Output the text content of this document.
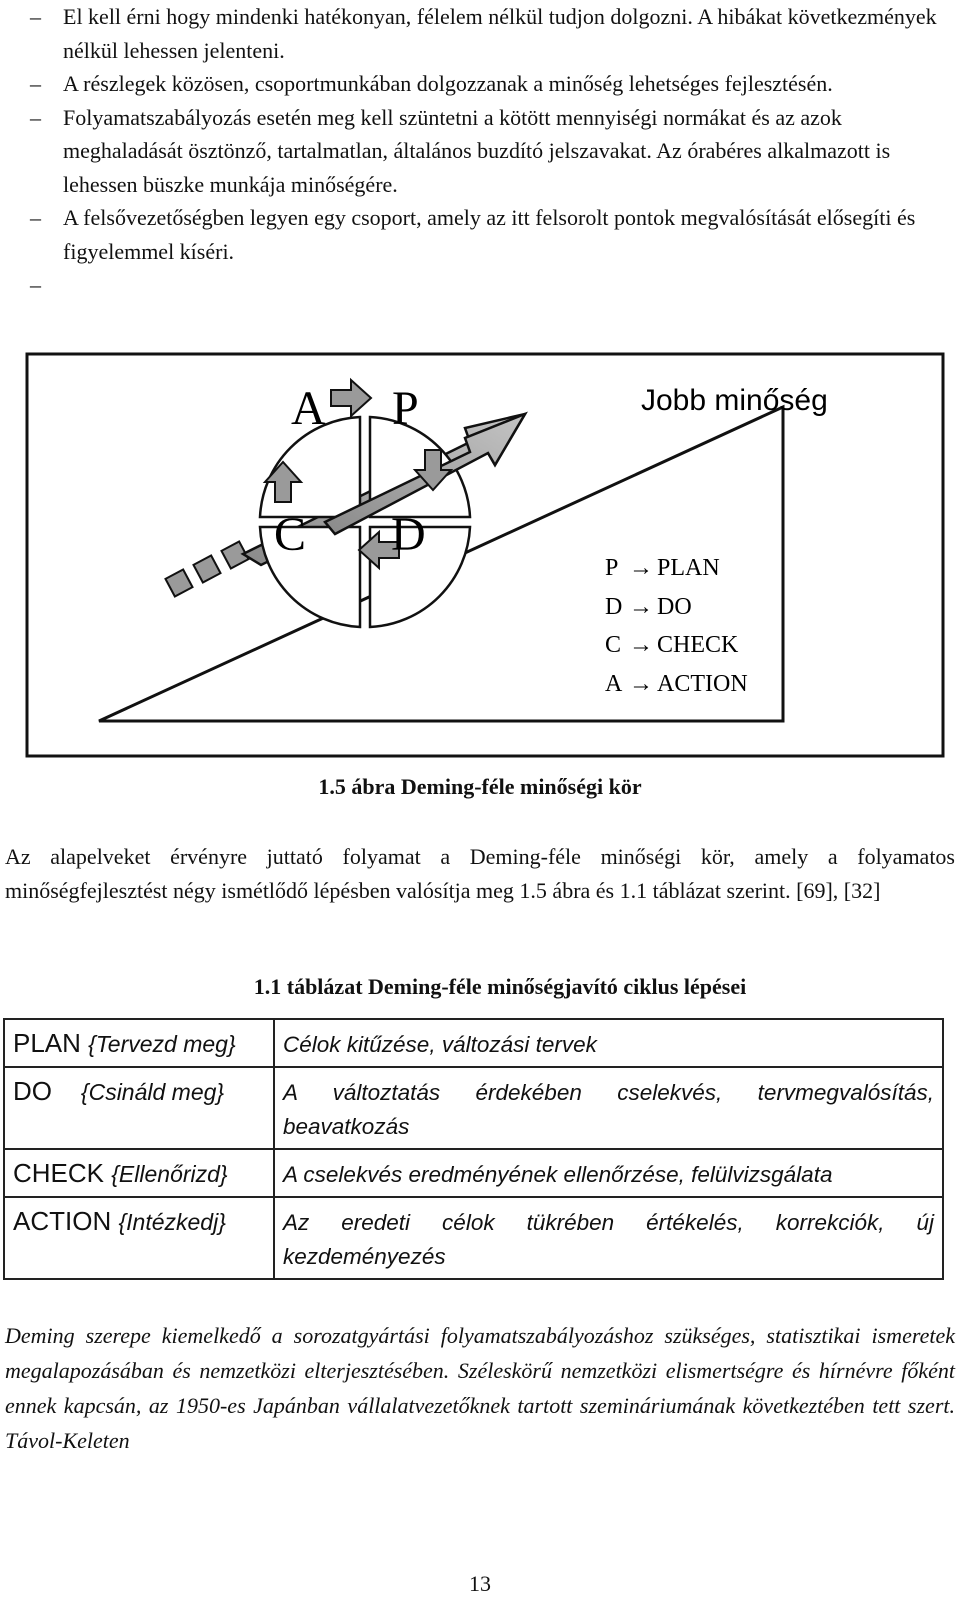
– El kell érni hogy mindenki hatékonyan, félelem nélkül tudjon dolgozni. A hibákat következmények nélkül lehessen jelenteni.
– A részlegek közösen, csoportmunkában dolgozzanak a minőség lehetséges fejlesztésén.
– Folyamatszabályozás esetén meg kell szüntetni a kötött mennyiségi normákat és az azok meghaladását ösztönző, tartalmatlan, általános buzdító jelszavakat. Az órabéres alkalmazott is lehessen büszke munkája minőségére.
– A felsővezetőségben legyen egy csoport, amely az itt felsorolt pontok megvalósítását elősegíti és figyelemmel kíséri.
–
A P
C D
Jobb minőség
P → PLAN
D → DO
C → CHECK
A → ACTION
1.5 ábra Deming-féle minőségi kör

Az alapelveket érvényre juttató folyamat a Deming-féle minőségi kör, amely a folyamatos minőségfejlesztést négy ismétlődő lépésben valósítja meg 1.5 ábra és 1.1 táblázat szerint. [69], [32]

1.1 táblázat Deming-féle minőségjavító ciklus lépései
PLAN {Tervezd meg}	Célok kitűzése, változási tervek
DO {Csináld meg}	A változtatás érdekében cselekvés, tervmegvalósítás, beavatkozás
CHECK {Ellenőrizd}	A cselekvés eredményének ellenőrzése, felülvizsgálata
ACTION {Intézkedj}	Az eredeti célok tükrében értékelés, korrekciók, új kezdeményezés

Deming szerepe kiemelkedő a sorozatgyártási folyamatszabályozáshoz szükséges, statisztikai ismeretek megalapozásában és nemzetközi elterjesztésében. Széleskörű nemzetközi elismertségre és hírnévre főként ennek kapcsán, az 1950-es Japánban vállalatvezetőknek tartott szemináriumának következtében tett szert. Távol-Keleten

13
